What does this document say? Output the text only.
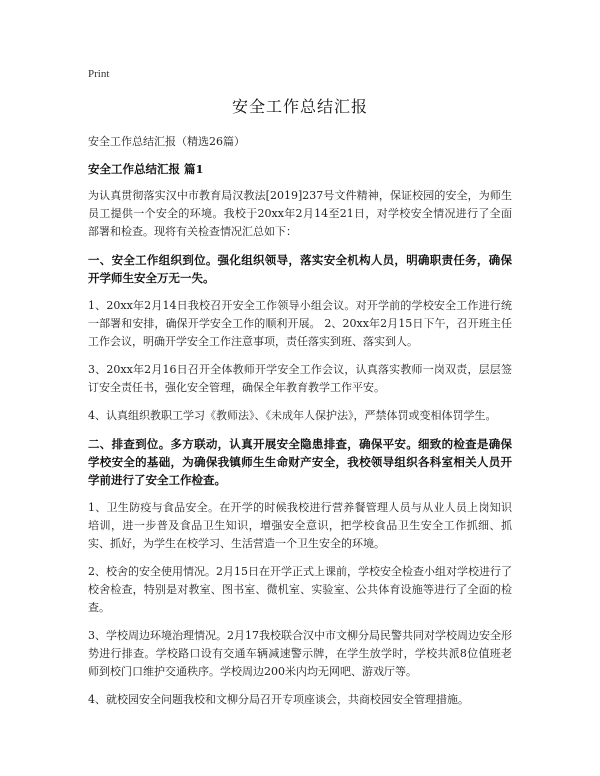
Print
安全工作总结汇报
安全工作总结汇报（精选26篇）
安全工作总结汇报 篇1

为认真贯彻落实汉中市教育局汉教法[2019]237号文件精神，保证校园的安全，为师生员工提供一个安全的环境。我校于20xx年2月14至21日，对学校安全情况进行了全面部署和检查。现将有关检查情况汇总如下：

一、安全工作组织到位。强化组织领导，落实安全机构人员，明确职责任务，确保开学师生安全万无一失。

1、20xx年2月14日我校召开安全工作领导小组会议。对开学前的学校安全工作进行统一部署和安排，确保开学安全工作的顺利开展。 2、20xx年2月15日下午，召开班主任工作会议，明确开学安全工作注意事项，责任落实到班、落实到人。

3、20xx年2月16日召开全体教师开学安全工作会议，认真落实教师一岗双责，层层签订安全责任书，强化安全管理，确保全年教育教学工作平安。

4、认真组织教职工学习《教师法》、《未成年人保护法》，严禁体罚或变相体罚学生。

二、排查到位。多方联动，认真开展安全隐患排查，确保平安。细致的检查是确保学校安全的基础，为确保我镇师生生命财产安全，我校领导组织各科室相关人员开学前进行了安全工作检查。

1、卫生防疫与食品安全。在开学的时候我校进行营养餐管理人员与从业人员上岗知识培训，进一步普及食品卫生知识，增强安全意识，把学校食品卫生安全工作抓细、抓实、抓好，为学生在校学习、生活营造一个卫生安全的环境。

2、校舍的安全使用情况。2月15日在开学正式上课前，学校安全检查小组对学校进行了校舍检查，特别是对教室、图书室、微机室、实验室、公共体育设施等进行了全面的检查。

3、学校周边环境治理情况。2月17我校联合汉中市文柳分局民警共同对学校周边安全形势进行排查。学校路口设有交通车辆减速警示牌，在学生放学时，学校共派8位值班老师到校门口维护交通秩序。学校周边200米内均无网吧、游戏厅等。

4、就校园安全问题我校和文柳分局召开专项座谈会，共商校园安全管理措施。
